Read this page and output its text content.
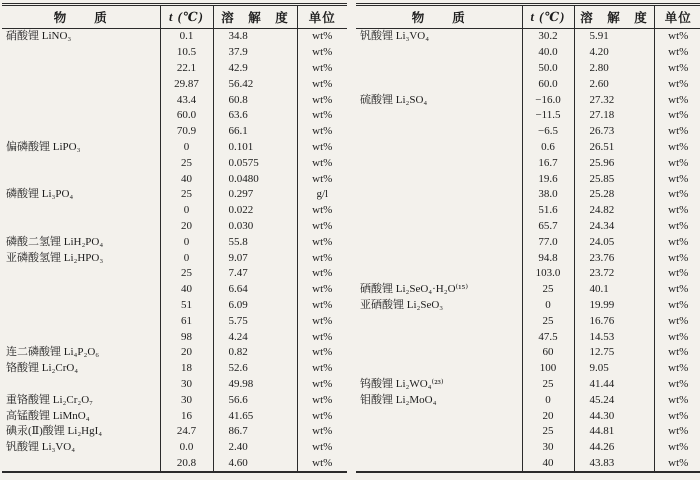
物　　质	t (℃)	溶　解　度	单位
硝酸锂 LiNO₃	0.1	34.8	wt%
	10.5	37.9	wt%
	22.1	42.9	wt%
	29.87	56.42	wt%
	43.4	60.8	wt%
	60.0	63.6	wt%
	70.9	66.1	wt%
偏磷酸锂 LiPO₃	0	0.101	wt%
	25	0.0575	wt%
	40	0.0480	wt%
磷酸锂 Li₃PO₄	25	0.297	g/l
	0	0.022	wt%
	20	0.030	wt%
磷酸二氢锂 LiH₂PO₄	0	55.8	wt%
亚磷酸氢锂 Li₂HPO₃	0	9.07	wt%
	25	7.47	wt%
	40	6.64	wt%
	51	6.09	wt%
	61	5.75	wt%
	98	4.24	wt%
连二磷酸锂 Li₄P₂O₆	20	0.82	wt%
铬酸锂 Li₂CrO₄	18	52.6	wt%
	30	49.98	wt%
重铬酸锂 Li₂Cr₂O₇	30	56.6	wt%
高锰酸锂 LiMnO₄	16	41.65	wt%
碘汞(Ⅱ)酸锂 Li₂HgI₄	24.7	86.7	wt%
钒酸锂 Li₃VO₄	0.0	2.40	wt%
	20.8	4.60	wt%
物　　质	t (℃)	溶　解　度	单位
钒酸锂 Li₃VO₄	30.2	5.91	wt%
	40.0	4.20	wt%
	50.0	2.80	wt%
	60.0	2.60	wt%
硫酸锂 Li₂SO₄	−16.0	27.32	wt%
	−11.5	27.18	wt%
	−6.5	26.73	wt%
	0.6	26.51	wt%
	16.7	25.96	wt%
	19.6	25.85	wt%
	38.0	25.28	wt%
	51.6	24.82	wt%
	65.7	24.34	wt%
	77.0	24.05	wt%
	94.8	23.76	wt%
	103.0	23.72	wt%
硒酸锂 Li₂SeO₄·H₂O⁽¹⁵⁾	25	40.1	wt%
亚硒酸锂 Li₂SeO₃	0	19.99	wt%
	25	16.76	wt%
	47.5	14.53	wt%
	60	12.75	wt%
	100	9.05	wt%
钨酸锂 Li₂WO₄⁽²³⁾	25	41.44	wt%
钼酸锂 Li₂MoO₄	0	45.24	wt%
	20	44.30	wt%
	25	44.81	wt%
	30	44.26	wt%
	40	43.83	wt%
